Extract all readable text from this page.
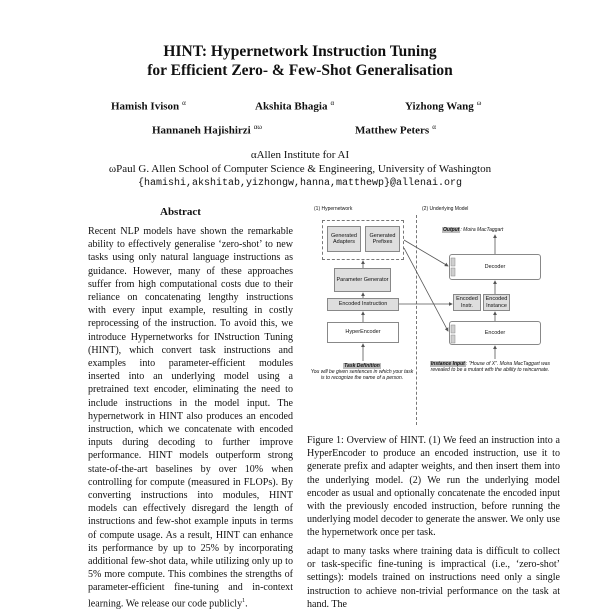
HINT: Hypernetwork Instruction Tuning
for Efficient Zero- & Few-Shot Generalisation
Hamish Ivison $^\alpha$	Akshita Bhagia $^\alpha$	Yizhong Wang $^\omega$
Hannaneh Hajishirzi $^{\alpha\omega}$	Matthew Peters $^\alpha$
αAllen Institute for AI
ωPaul G. Allen School of Computer Science & Engineering, University of Washington
{hamishi,akshitab,yizhongw,hanna,matthewp}@allenai.org
Abstract

Recent NLP models have shown the remarkable ability to effectively generalise ‘zero-shot’ to new tasks using only natural language instructions as guidance. However, many of these approaches suffer from high computational costs due to their reliance on concatenating lengthy instructions with every input example, resulting in costly reprocessing of the instruction. To avoid this, we introduce Hypernetworks for INstruction Tuning (HINT), which convert task instructions and examples into parameter-efficient modules inserted into an underlying model using a pretrained text encoder, eliminating the need to include instructions in the model input. The hypernetwork in HINT also produces an encoded instruction, which we concatenate with encoded inputs during decoding to further improve performance. HINT models outperform strong state-of-the-art baselines by over 10% when controlling for compute (measured in FLOPs). By converting instructions into modules, HINT models can effectively disregard the length of instructions and few-shot example inputs in terms of compute usage. As a result, HINT can enhance its performance by up to 25% by incorporating additional few-shot data, while utilizing only up to 5% more compute. This combines the strengths of parameter-efficient fine-tuning and in-context learning. We release our code publicly$^1$.

(1) Hypernetwork	(2) Underlying Model
Generated Adapters
Generated Prefixes
Parameter Generator
Encoded Instruction
HyperEncoder
Task Definition
You will be given sentences in which your task is to recognize the name of a person.
Output: Moira MacTaggart
Decoder
Encoded Instr.
Encoded Instance
Encoder
Instance Input: "House of X". Moira MacTaggart was revealed to be a mutant with the ability to reincarnate.
Figure 1: Overview of HINT. (1) We feed an instruction into a HyperEncoder to produce an encoded instruction, use it to generate prefix and adapter weights, and then insert them into the underlying model. (2) We run the underlying model encoder as usual and optionally concatenate the encoded input with the previously encoded instruction, before running the underlying model decoder to generate the answer. We only use the hypernetwork once per task.
adapt to many tasks where training data is difficult to collect or task-specific fine-tuning is impractical (i.e., ‘zero-shot’ settings): models trained on instructions need only a single instruction to achieve non-trivial performance on the task at hand. The
